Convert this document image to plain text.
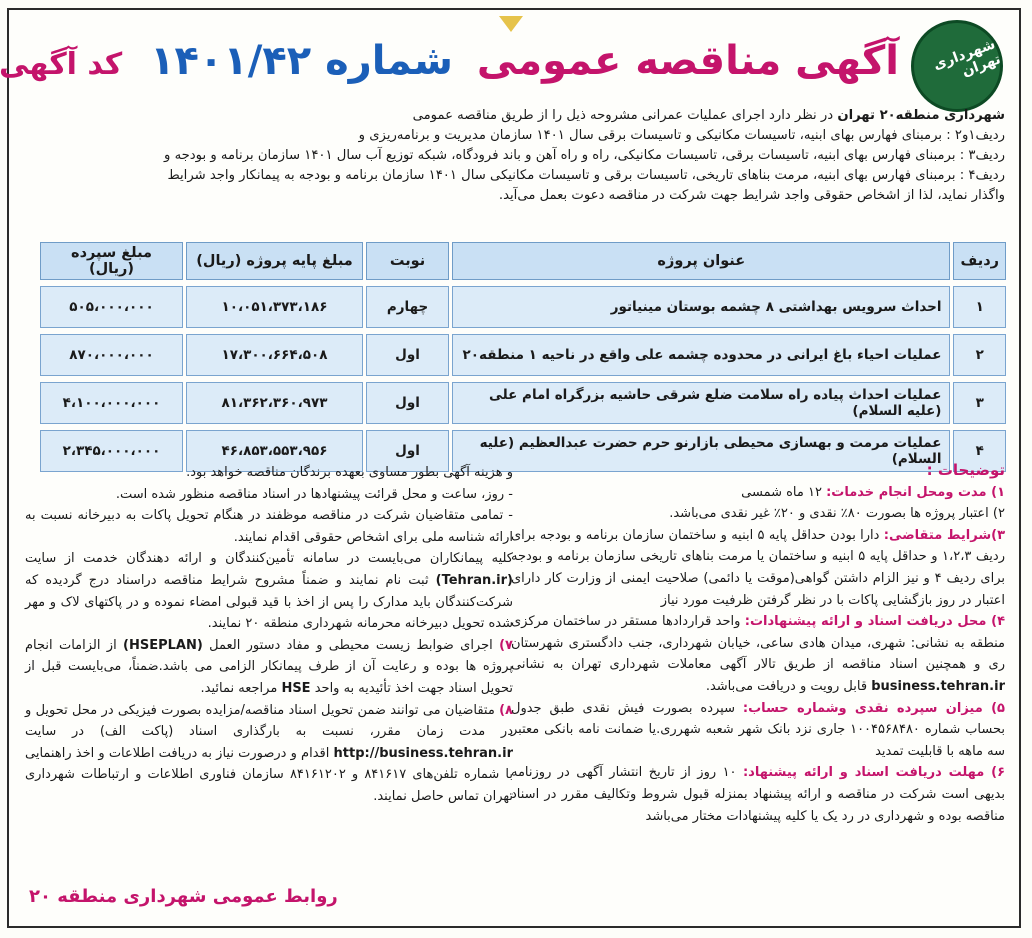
شهرداری تهران
آگهی مناقصه عمومی شماره ۱۴۰۱/۴۲ کد آگهی

شهرداری منطقه۲۰ تهران در نظر دارد اجرای عملیات عمرانی مشروحه ذیل را از طریق مناقصه عمومی

ردیف۱و۲ : برمبنای فهارس بهای ابنیه، تاسیسات مکانیکی و تاسیسات برقی سال ۱۴۰۱ سازمان مدیریت و برنامه‌ریزی و

ردیف۳ : برمبنای فهارس بهای ابنیه، تاسیسات برقی، تاسیسات مکانیکی، راه و راه آهن و باند فرودگاه، شبکه توزیع آب سال ۱۴۰۱ سازمان برنامه و بودجه و

ردیف۴ : برمبنای فهارس بهای ابنیه، مرمت بناهای تاریخی، تاسیسات برقی و تاسیسات مکانیکی سال ۱۴۰۱ سازمان برنامه و بودجه به پیمانکار واجد شرایط

واگذار نماید، لذا از اشخاص حقوقی واجد شرایط جهت شرکت در مناقصه دعوت بعمل می‌آید.

ردیف	عنوان پروژه	نوبت	مبلغ پایه پروژه (ریال)	مبلغ سپرده (ریال)
۱	احداث سرویس بهداشتی ۸ چشمه بوستان مینیاتور	چهارم	۱۰،۰۵۱،۳۷۳،۱۸۶	۵۰۵،۰۰۰،۰۰۰
۲	عملیات احیاء باغ ایرانی در محدوده چشمه علی واقع در ناحیه ۱ منطقه۲۰	اول	۱۷،۳۰۰،۶۶۴،۵۰۸	۸۷۰،۰۰۰،۰۰۰
۳	عملیات احداث پیاده راه سلامت ضلع شرقی حاشیه بزرگراه امام علی (علیه السلام)	اول	۸۱،۳۶۲،۳۶۰،۹۷۳	۴،۱۰۰،۰۰۰،۰۰۰
۴	عملیات مرمت و بهسازی محیطی بازارنو حرم حضرت عبدالعظیم (علیه السلام)	اول	۴۶،۸۵۳،۵۵۳،۹۵۶	۲،۳۴۵،۰۰۰،۰۰۰

توضیحات :

۱) مدت ومحل انجام خدمات: ۱۲ ماه شمسی

۲) اعتبار پروژه ها بصورت ۸۰٪ نقدی و ۲۰٪ غیر نقدی می‌باشد.

۳)شرایط متقاضی: دارا بودن حداقل پایه ۵ ابنیه و ساختمان سازمان برنامه و بودجه برای ردیف ۱،۲،۳ و حداقل پایه ۵ ابنیه و ساختمان یا مرمت بناهای تاریخی سازمان برنامه و بودجه برای ردیف ۴ و نیز الزام داشتن گواهی(موقت یا دائمی) صلاحیت ایمنی از وزارت کار دارای اعتبار در روز بازگشایی پاکات با در نظر گرفتن ظرفیت مورد نیاز

۴) محل دریافت اسناد و ارائه پیشنهادات: واحد قراردادها مستقر در ساختمان مرکزی منطقه به نشانی: شهری، میدان هادی ساعی، خیابان شهرداری، جنب دادگستری شهرستان ری و همچنین اسناد مناقصه از طریق تالار آگهی معاملات شهرداری تهران به نشانی business.tehran.ir قابل رویت و دریافت می‌باشد.

۵) میزان سپرده نقدی وشماره حساب: سپرده بصورت فیش نقدی طبق جدول بحساب شماره ۱۰۰۴۵۶۸۴۸۰ جاری نزد بانک شهر شعبه شهرری.یا ضمانت نامه بانکی معتبر سه ماهه با قابلیت تمدید

۶) مهلت دریافت اسناد و ارائه پیشنهاد: ۱۰ روز از تاریخ انتشار آگهی در روزنامه بدیهی است شرکت در مناقصه و ارائه پیشنهاد بمنزله قبول شروط وتکالیف مقرر در اسناد مناقصه بوده و شهرداری در رد یک یا کلیه پیشنهادات مختار می‌باشد

و هزینه آگهی بطور مساوی بعهده برندگان مناقصه خواهد بود.

- روز، ساعت و محل قرائت پیشنهادها در اسناد مناقصه منظور شده است.

- تمامی متقاضیان شرکت در مناقصه موظفند در هنگام تحویل پاکات به دبیرخانه نسبت به ارائه شناسه ملی برای اشخاص حقوقی اقدام نمایند.

کلیه پیمانکاران می‌بایست در سامانه تأمین‌کنندگان و ارائه دهندگان خدمت از سایت (Tehran.ir) ثبت نام نمایند و ضمناً مشروح شرایط مناقصه دراسناد درج گردیده که شرکت‌کنندگان باید مدارک را پس از اخذ با قید قبولی امضاء نموده و در پاکتهای لاک و مهر شده تحویل دبیرخانه محرمانه شهرداری منطقه ۲۰ نمایند.

۷) اجرای ضوابط زیست محیطی و مفاد دستور العمل (HSEPLAN) از الزامات انجام پروژه ها بوده و رعایت آن از طرف پیمانکار الزامی می باشد.ضمناً، می‌بایست قبل از تحویل اسناد جهت اخذ تأئیدیه به واحد HSE مراجعه نمائید.

۸) متقاضیان می توانند ضمن تحویل اسناد مناقصه/مزایده بصورت فیزیکی در محل تحویل و در مدت زمان مقرر، نسبت به بارگذاری اسناد (پاکت الف) در سایت http://business.tehran.ir اقدام و درصورت نیاز به دریافت اطلاعات و اخذ راهنمایی با شماره تلفن‌های ۸۴۱۶۱۷ و ۸۴۱۶۱۲۰۲ سازمان فناوری اطلاعات و ارتباطات شهرداری تهران تماس حاصل نمایند.

روابط عمومی شهرداری منطقه ۲۰
